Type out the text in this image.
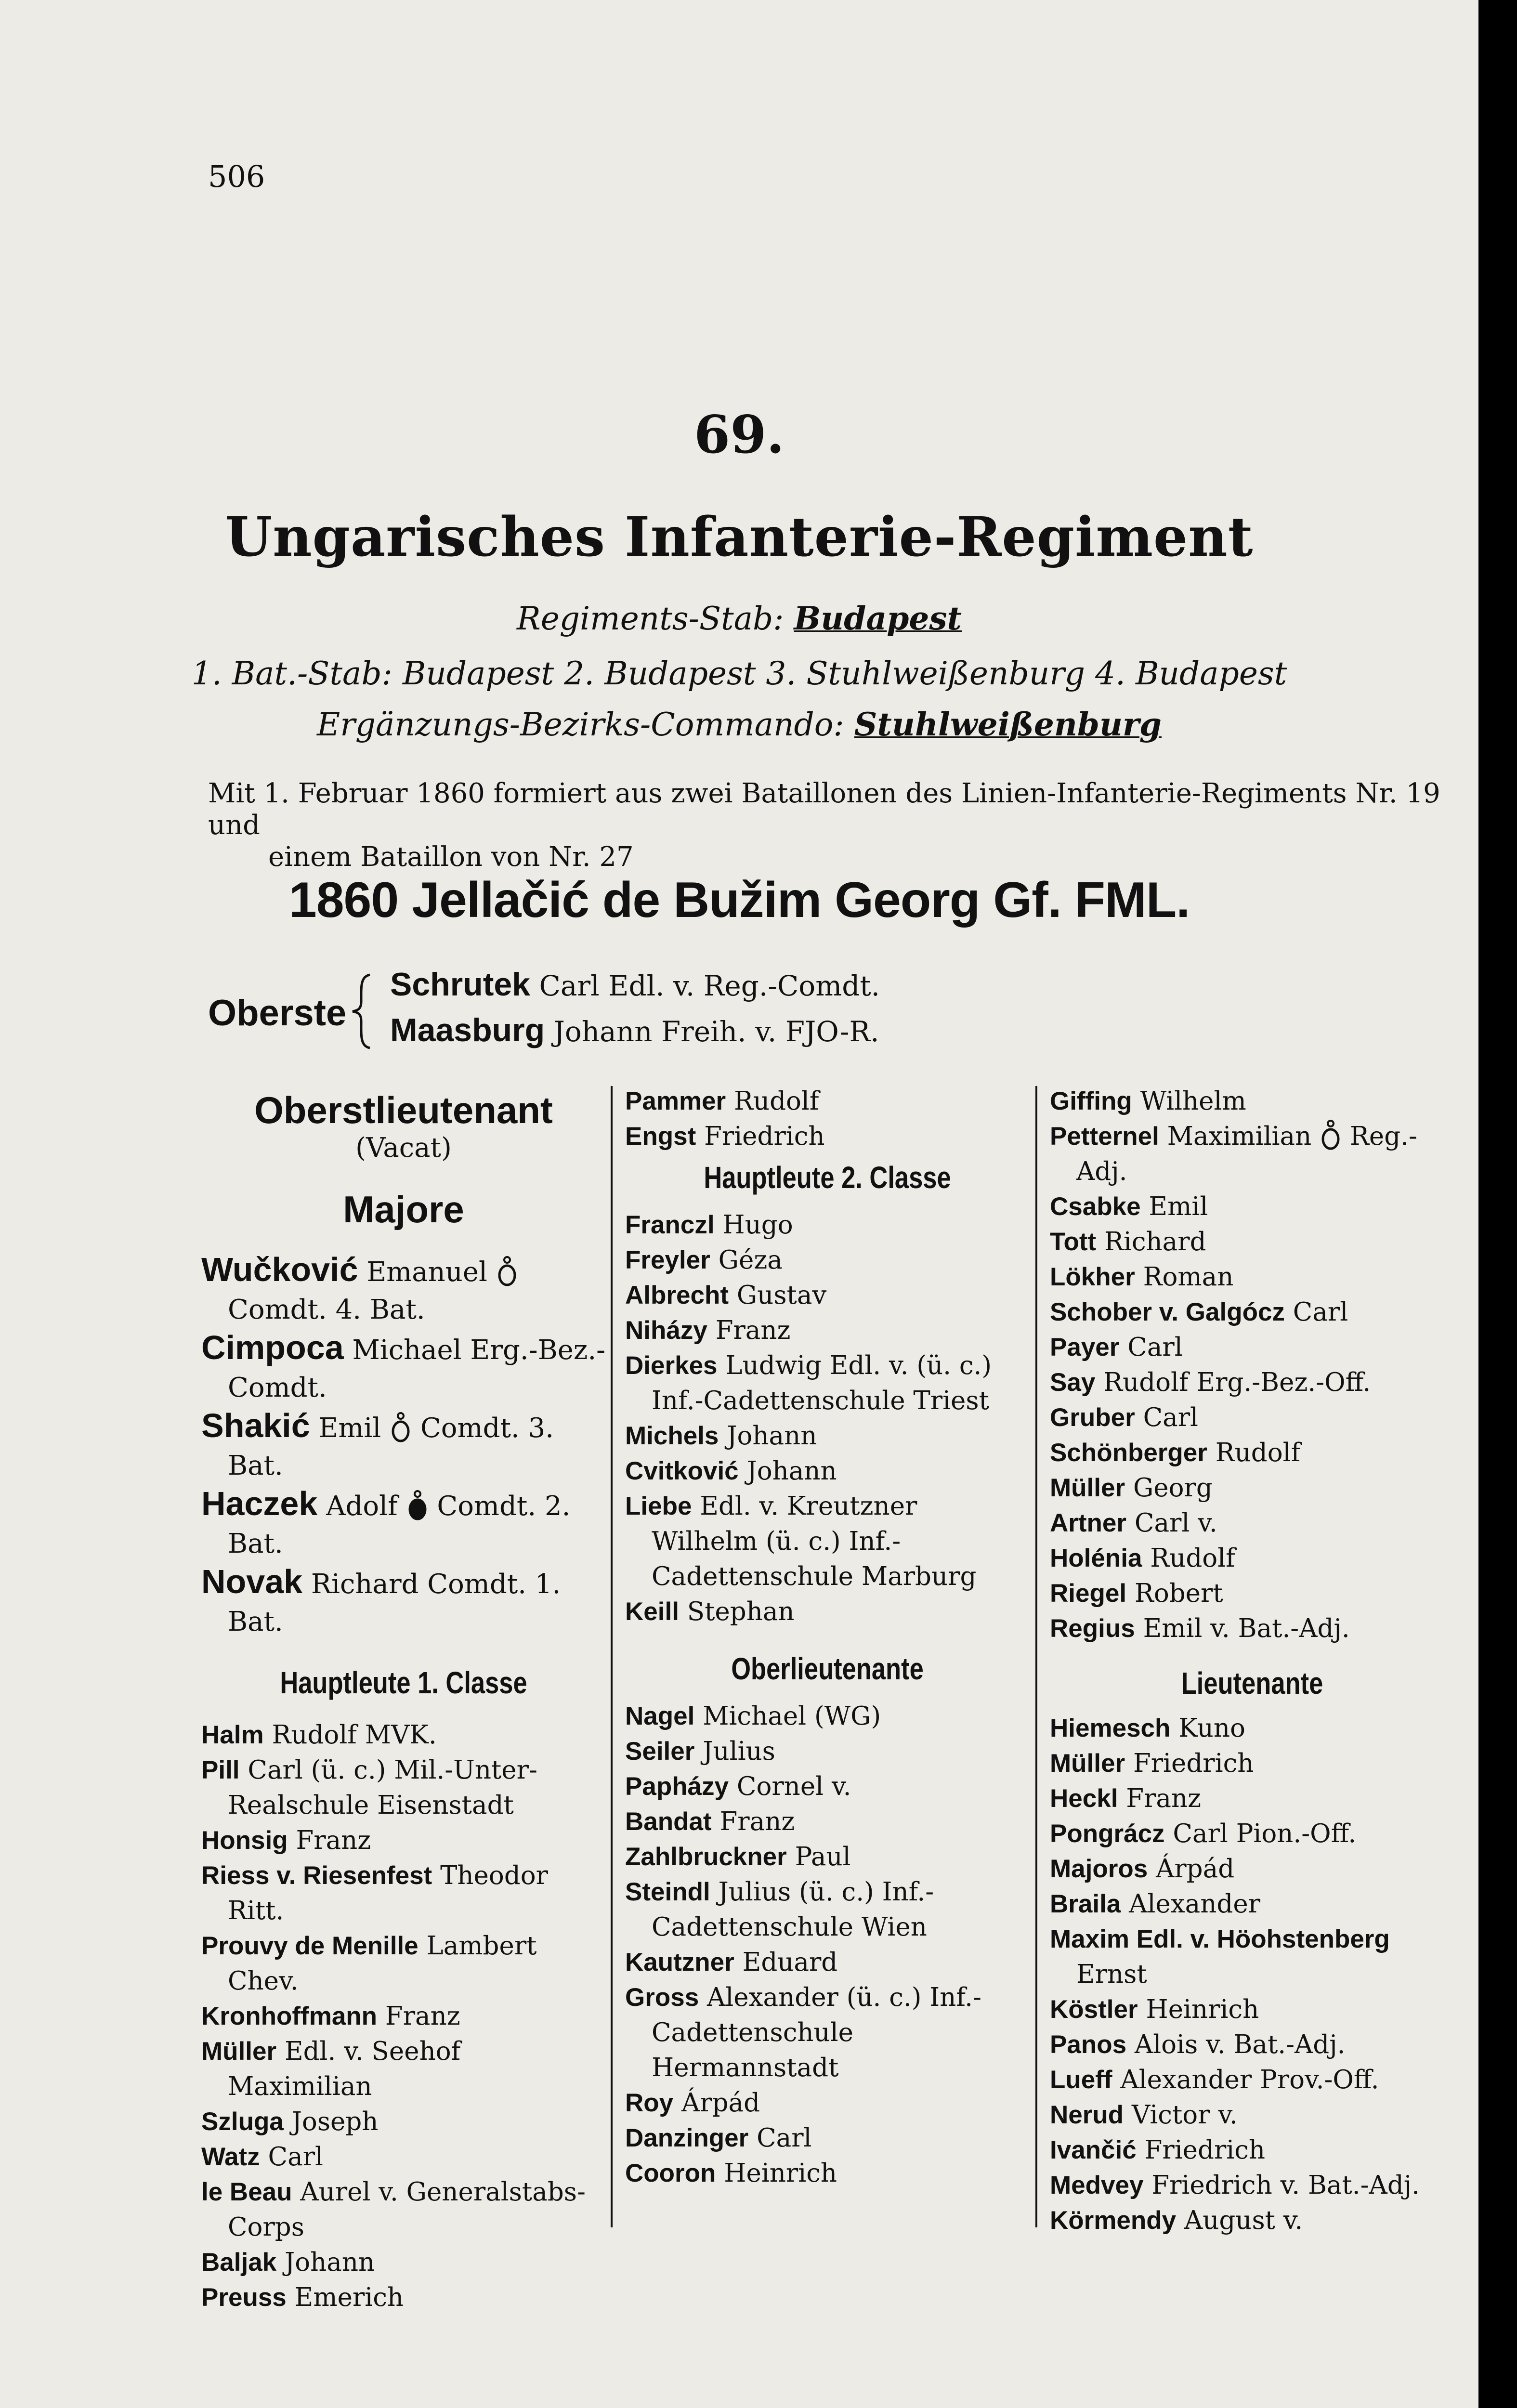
506

69.

Ungarisches Infanterie-Regiment

Regiments-Stab: Budapest

1. Bat.-Stab: Budapest 2. Budapest 3. Stuhlweißenburg 4. Budapest

Ergänzungs-Bezirks-Commando: Stuhlweißenburg

Mit 1. Februar 1860 formiert aus zwei Bataillonen des Linien-Infanterie-Regiments Nr. 19 und
einem Bataillon von Nr. 27

1860 Jellačić de Bužim Georg Gf. FML.

Oberste

Schrutek Carl Edl. v. Reg.-Comdt.

Maasburg Johann Freih. v. FJO-R.

Oberstlieutenant
(Vacat)
Majore
Wučković Emanuel  Comdt. 4. Bat.
Cimpoca Michael Erg.-Bez.-Comdt.
Shakić Emil Comdt. 3. Bat.
Haczek Adolf Comdt. 2. Bat.
Novak Richard Comdt. 1. Bat.
Hauptleute 1. Classe
Halm Rudolf MVK.
Pill Carl (ü. c.) Mil.-Unter-Realschule Eisenstadt
Honsig Franz
Riess v. Riesenfest Theodor Ritt.
Prouvy de Menille Lambert Chev.
Kronhoffmann Franz
Müller Edl. v. Seehof Maximilian
Szluga Joseph
Watz Carl
le Beau Aurel v. Generalstabs-Corps
Baljak Johann
Preuss Emerich
Pammer Rudolf
Engst Friedrich
Hauptleute 2. Classe
Franczl Hugo
Freyler Géza
Albrecht Gustav
Niházy Franz
Dierkes Ludwig Edl. v. (ü. c.) Inf.-Cadettenschule Triest
Michels Johann
Cvitković Johann
Liebe Edl. v. Kreutzner Wilhelm (ü. c.) Inf.-Cadettenschule Marburg
Keill Stephan
Oberlieutenante
Nagel Michael (WG)
Seiler Julius
Papházy Cornel v.
Bandat Franz
Zahlbruckner Paul
Steindl Julius (ü. c.) Inf.-Cadettenschule Wien
Kautzner Eduard
Gross Alexander (ü. c.) Inf.-Cadettenschule Hermannstadt
Roy Árpád
Danzinger Carl
Cooron Heinrich
Giffing Wilhelm
Petternel Maximilian Reg.-Adj.
Csabke Emil
Tott Richard
Lökher Roman
Schober v. Galgócz Carl
Payer Carl
Say Rudolf Erg.-Bez.-Off.
Gruber Carl
Schönberger Rudolf
Müller Georg
Artner Carl v.
Holénia Rudolf
Riegel Robert
Regius Emil v. Bat.-Adj.
Lieutenante
Hiemesch Kuno
Müller Friedrich
Heckl Franz
Pongrácz Carl Pion.-Off.
Majoros Árpád
Braila Alexander
Maxim Edl. v. Höohstenberg Ernst
Köstler Heinrich
Panos Alois v. Bat.-Adj.
Lueff Alexander Prov.-Off.
Nerud Victor v.
Ivančić Friedrich
Medvey Friedrich v. Bat.-Adj.
Körmendy August v.
